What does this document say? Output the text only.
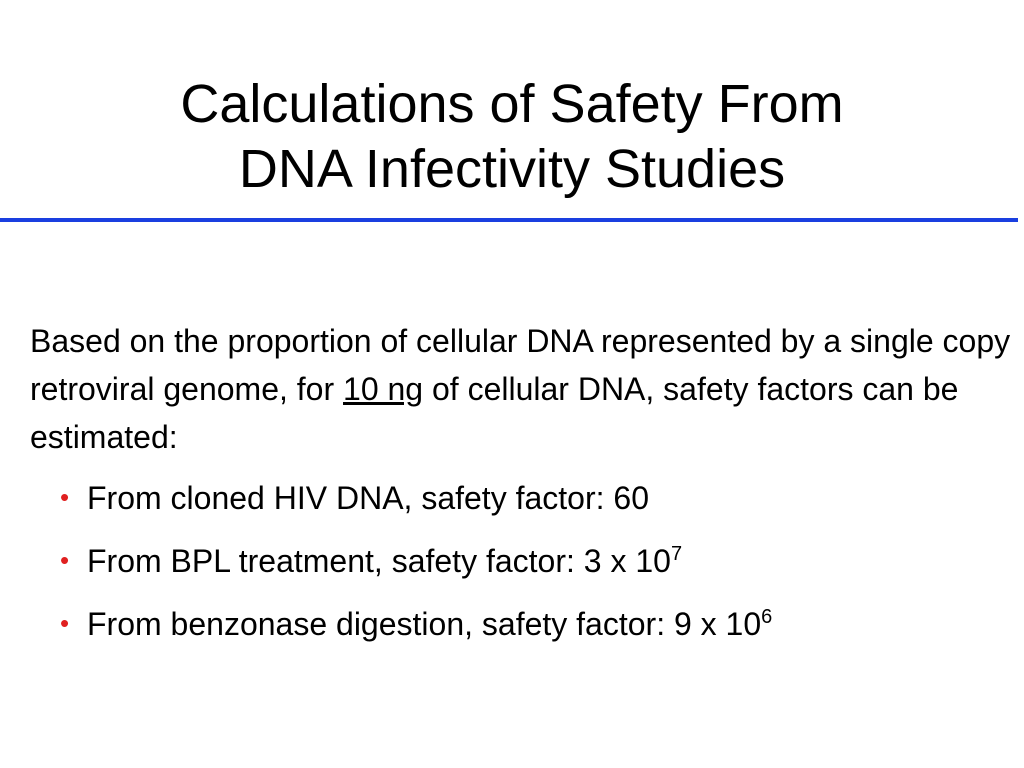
Calculations of Safety From
DNA Infectivity Studies

Based on the proportion of cellular DNA represented by a single copy retroviral genome, for 10 ng of cellular DNA, safety factors can be estimated:

• From cloned HIV DNA, safety factor: 60
• From BPL treatment, safety factor: 3 x $10^7$
• From benzonase digestion, safety factor: 9 x $10^6$
